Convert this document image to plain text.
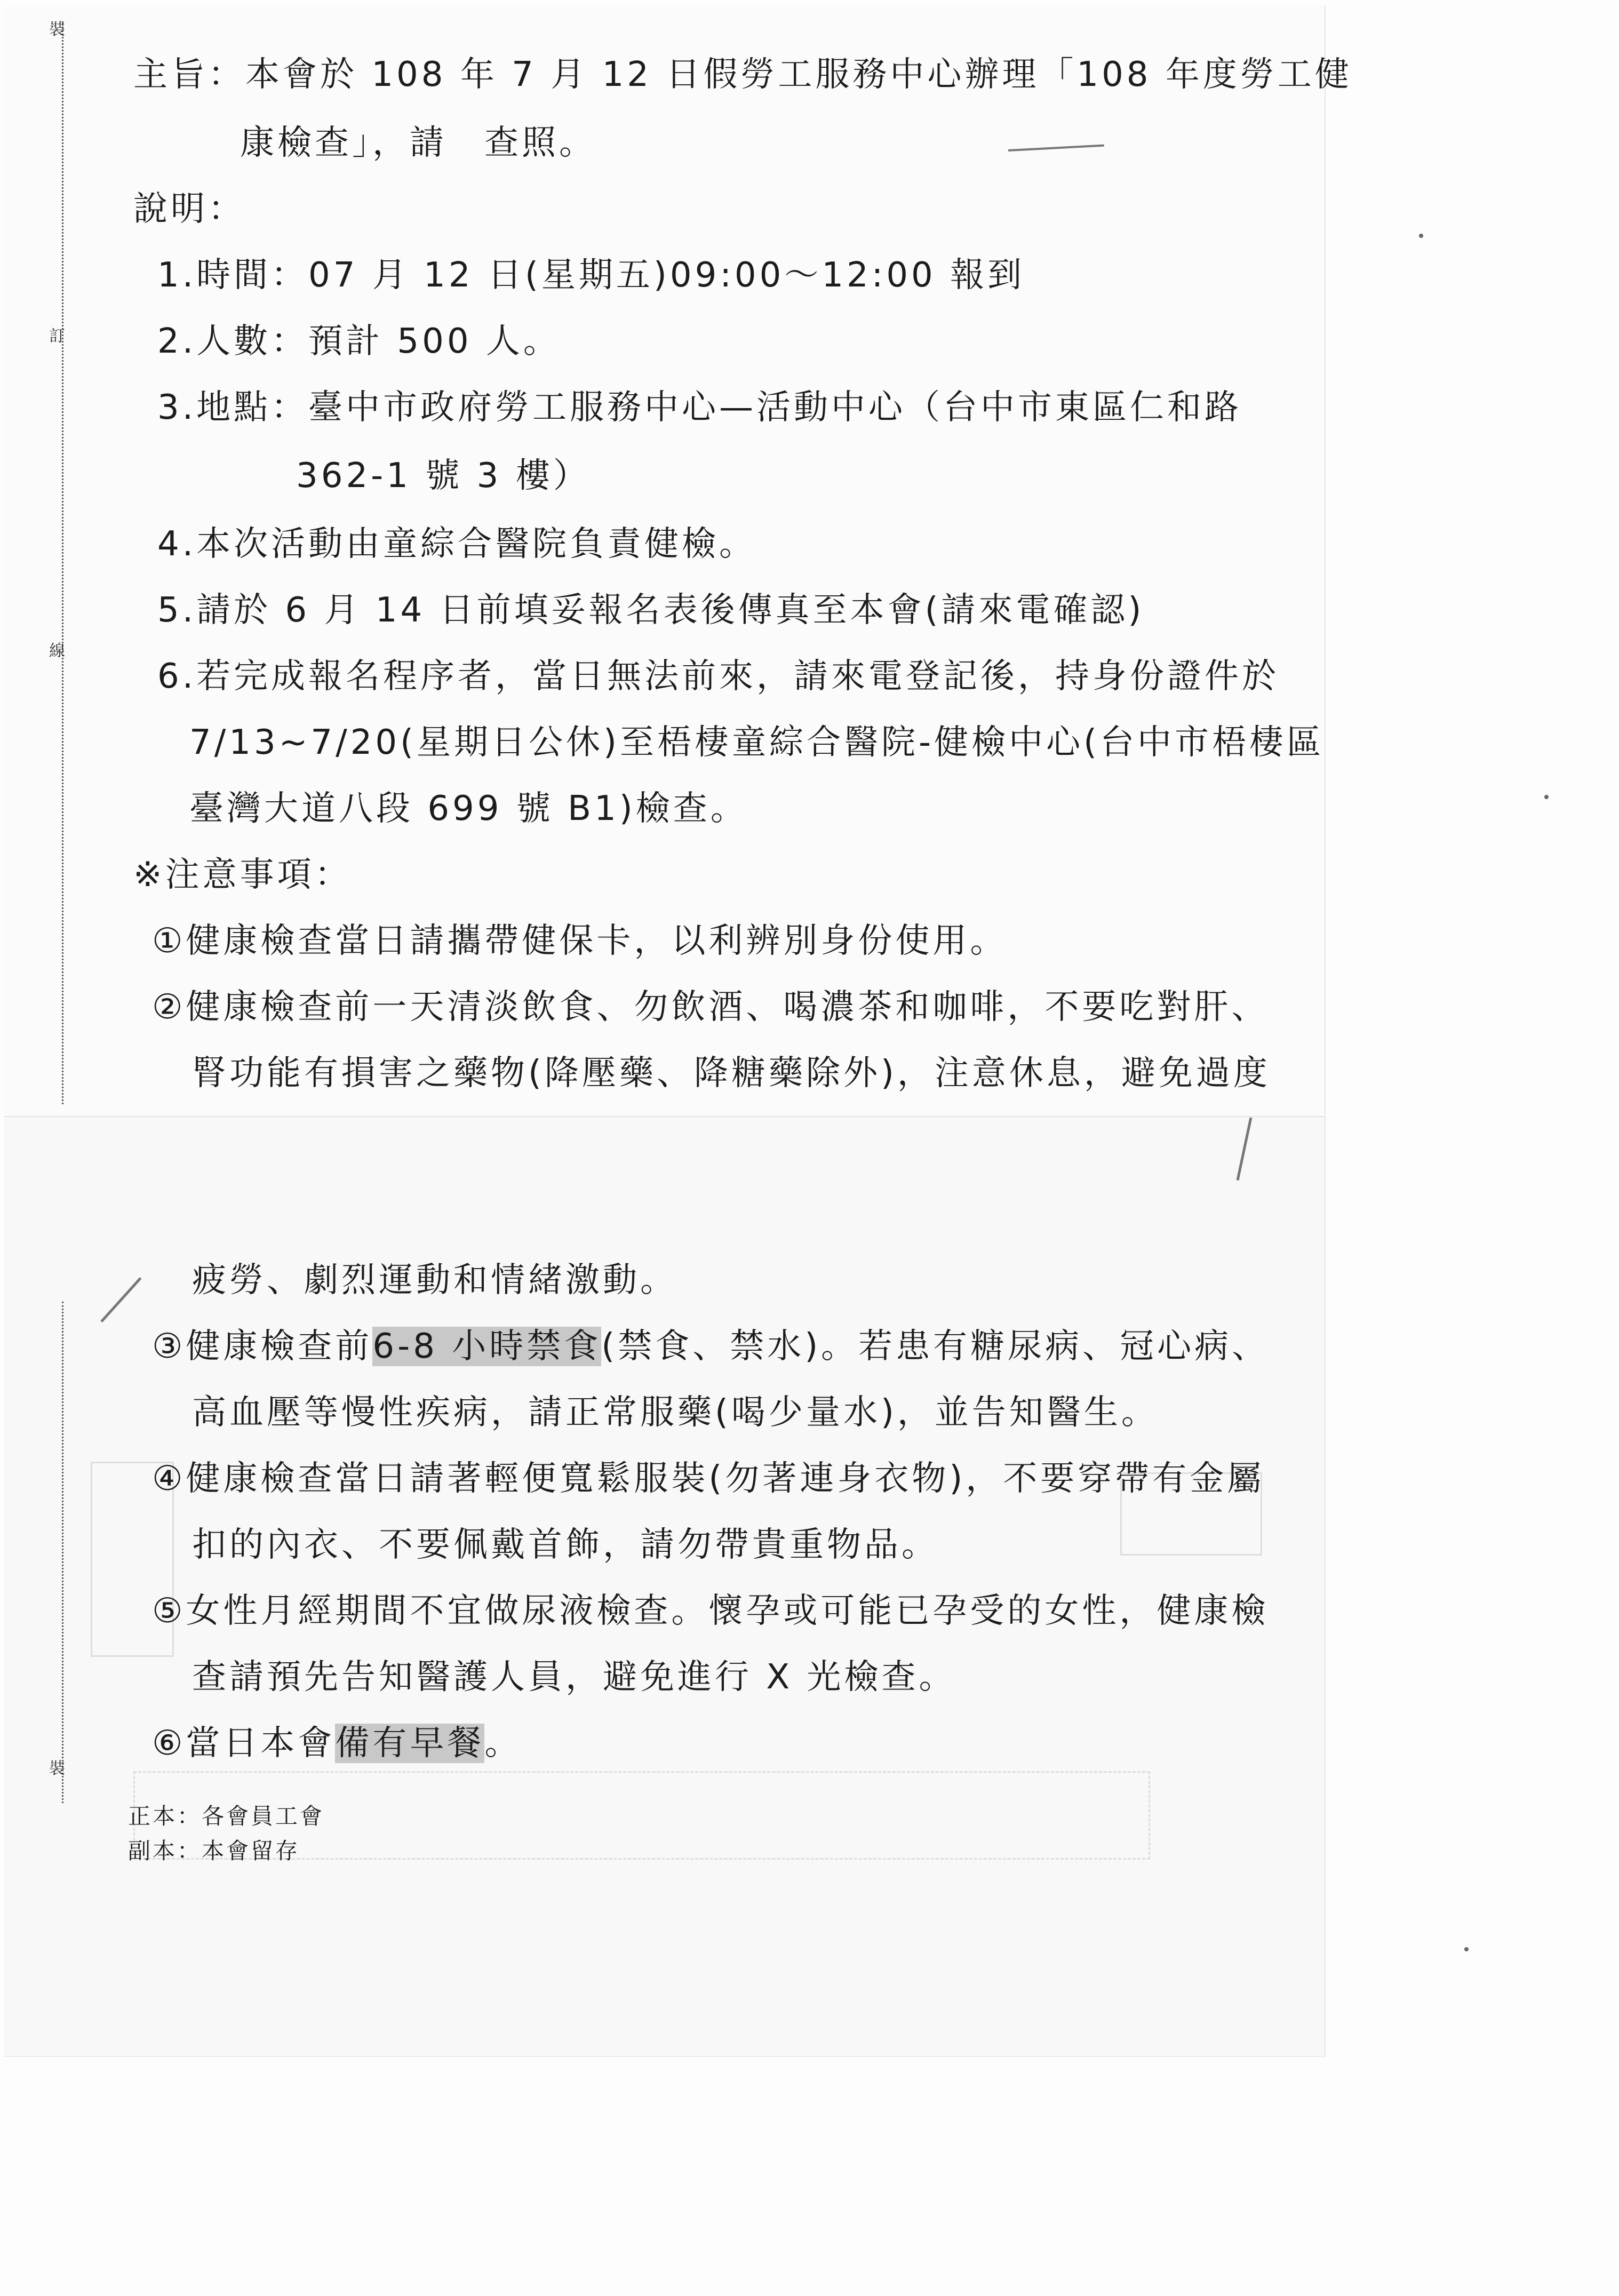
裝
訂
線
裝
主旨：本會於 108 年 7 月 12 日假勞工服務中心辦理「108 年度勞工健
康檢查」，請　查照。
說明：
1.時間：07 月 12 日(星期五)09:00～12:00 報到
2.人數：預計 500 人。
3.地點：臺中市政府勞工服務中心—活動中心（台中市東區仁和路
362-1 號 3 樓）
4.本次活動由童綜合醫院負責健檢。
5.請於 6 月 14 日前填妥報名表後傳真至本會(請來電確認)
6.若完成報名程序者，當日無法前來，請來電登記後，持身份證件於
7/13~7/20(星期日公休)至梧棲童綜合醫院-健檢中心(台中市梧棲區
臺灣大道八段 699 號 B1)檢查。
※注意事項：
①健康檢查當日請攜帶健保卡，以利辨別身份使用。
②健康檢查前一天清淡飲食、勿飲酒、喝濃茶和咖啡，不要吃對肝、
腎功能有損害之藥物(降壓藥、降糖藥除外)，注意休息，避免過度
疲勞、劇烈運動和情緒激動。
③健康檢查前6-8 小時禁食(禁食、禁水)。若患有糖尿病、冠心病、
高血壓等慢性疾病，請正常服藥(喝少量水)，並告知醫生。
④健康檢查當日請著輕便寬鬆服裝(勿著連身衣物)，不要穿帶有金屬
扣的內衣、不要佩戴首飾，請勿帶貴重物品。
⑤女性月經期間不宜做尿液檢查。懷孕或可能已孕受的女性，健康檢
查請預先告知醫護人員，避免進行 X 光檢查。
⑥當日本會備有早餐。
正本：各會員工會
副本：本會留存
